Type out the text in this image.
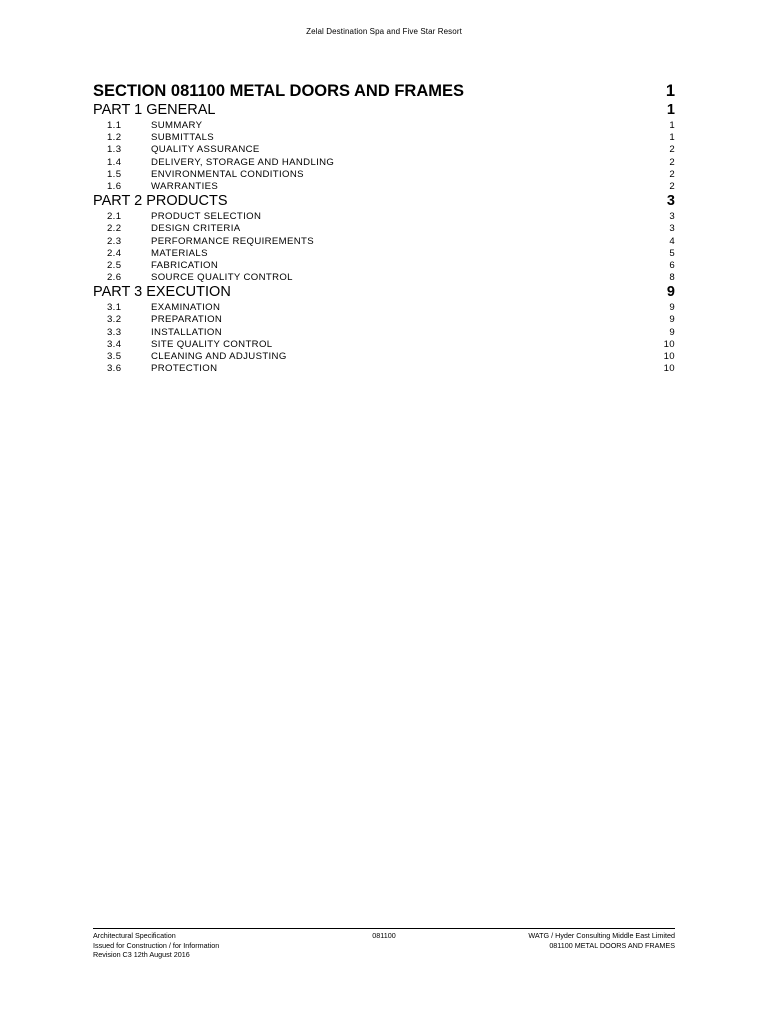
Zelal Destination Spa and Five Star Resort
SECTION 081100 METAL DOORS AND FRAMES	1
PART 1 GENERAL	1
1.1	SUMMARY	1
1.2	SUBMITTALS	1
1.3	QUALITY ASSURANCE	2
1.4	DELIVERY, STORAGE AND HANDLING	2
1.5	ENVIRONMENTAL CONDITIONS	2
1.6	WARRANTIES	2
PART 2 PRODUCTS	3
2.1	PRODUCT SELECTION	3
2.2	DESIGN CRITERIA	3
2.3	PERFORMANCE REQUIREMENTS	4
2.4	MATERIALS	5
2.5	FABRICATION	6
2.6	SOURCE QUALITY CONTROL	8
PART 3 EXECUTION	9
3.1	EXAMINATION	9
3.2	PREPARATION	9
3.3	INSTALLATION	9
3.4	SITE QUALITY CONTROL	10
3.5	CLEANING AND ADJUSTING	10
3.6	PROTECTION	10
Architectural Specification
Issued for Construction / for Information
Revision C3 12th August 2016
081100	WATG / Hyder Consulting Middle East Limited
081100 METAL DOORS AND FRAMES
